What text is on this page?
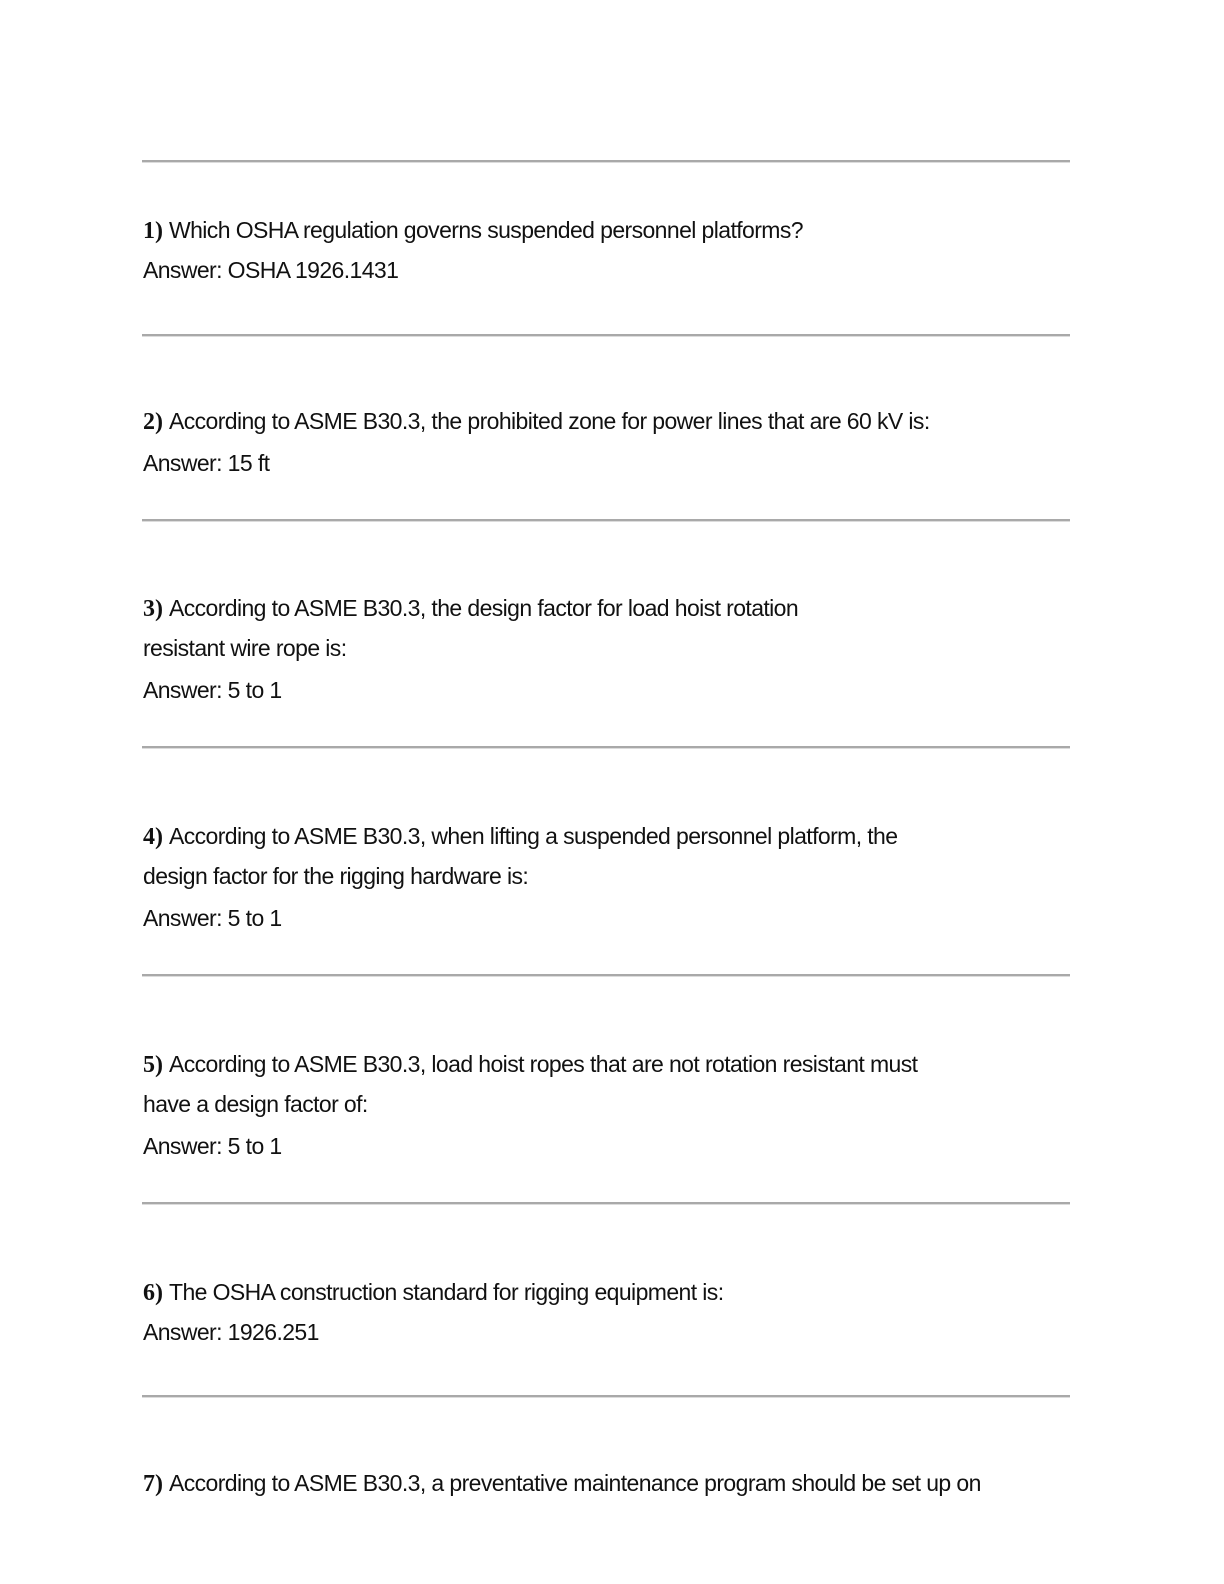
1) Which OSHA regulation governs suspended personnel platforms?
Answer: OSHA 1926.1431
2) According to ASME B30.3, the prohibited zone for power lines that are 60 kV is:
Answer: 15 ft
3) According to ASME B30.3, the design factor for load hoist rotation
resistant wire rope is:
Answer: 5 to 1
4) According to ASME B30.3, when lifting a suspended personnel platform, the
design factor for the rigging hardware is:
Answer: 5 to 1
5) According to ASME B30.3, load hoist ropes that are not rotation resistant must
have a design factor of:
Answer: 5 to 1
6) The OSHA construction standard for rigging equipment is:
Answer: 1926.251
7) According to ASME B30.3, a preventative maintenance program should be set up on
